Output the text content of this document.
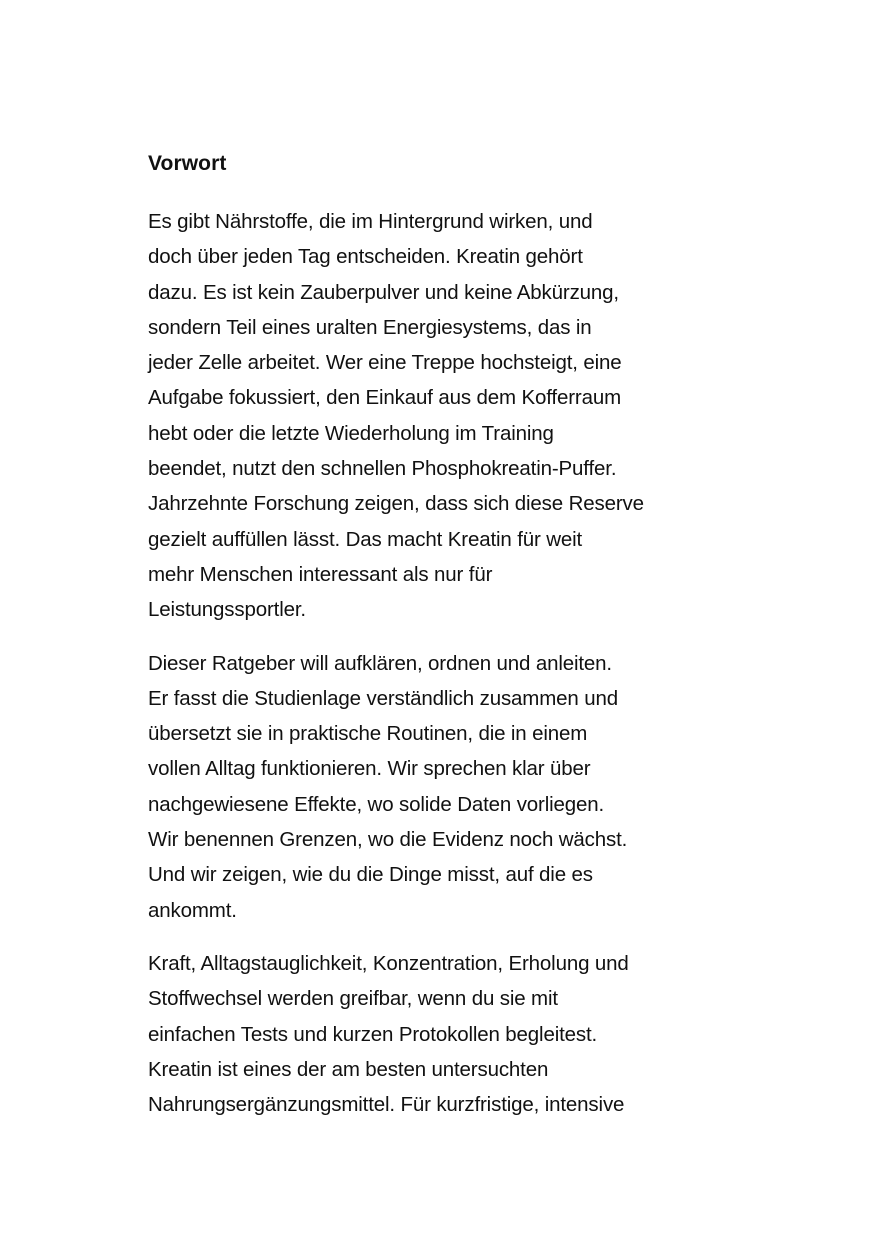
Vorwort
Es gibt Nährstoffe, die im Hintergrund wirken, und
doch über jeden Tag entscheiden. Kreatin gehört
dazu. Es ist kein Zauberpulver und keine Abkürzung,
sondern Teil eines uralten Energiesystems, das in
jeder Zelle arbeitet. Wer eine Treppe hochsteigt, eine
Aufgabe fokussiert, den Einkauf aus dem Kofferraum
hebt oder die letzte Wiederholung im Training
beendet, nutzt den schnellen Phosphokreatin-Puffer.
Jahrzehnte Forschung zeigen, dass sich diese Reserve
gezielt auffüllen lässt. Das macht Kreatin für weit
mehr Menschen interessant als nur für
Leistungssportler.
Dieser Ratgeber will aufklären, ordnen und anleiten.
Er fasst die Studienlage verständlich zusammen und
übersetzt sie in praktische Routinen, die in einem
vollen Alltag funktionieren. Wir sprechen klar über
nachgewiesene Effekte, wo solide Daten vorliegen.
Wir benennen Grenzen, wo die Evidenz noch wächst.
Und wir zeigen, wie du die Dinge misst, auf die es
ankommt.
Kraft, Alltagstauglichkeit, Konzentration, Erholung und
Stoffwechsel werden greifbar, wenn du sie mit
einfachen Tests und kurzen Protokollen begleitest.
Kreatin ist eines der am besten untersuchten
Nahrungsergänzungsmittel. Für kurzfristige, intensive
